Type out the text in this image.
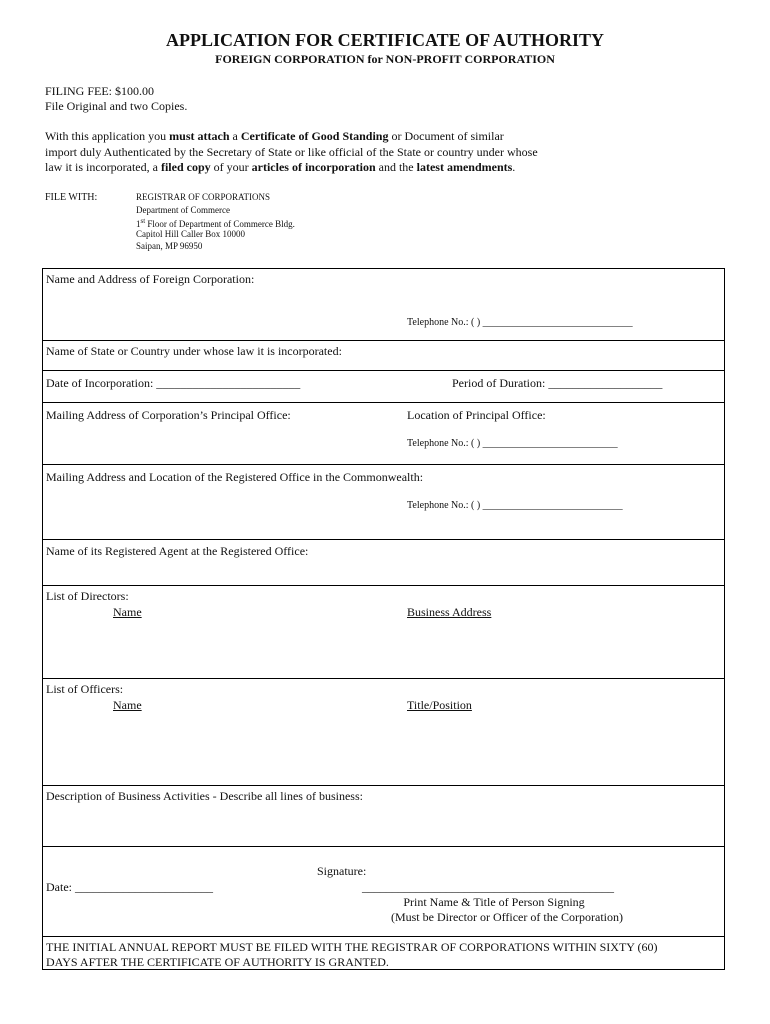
APPLICATION FOR CERTIFICATE OF AUTHORITY
FOREIGN CORPORATION for NON-PROFIT CORPORATION
FILING FEE: $100.00
File Original and two Copies.
With this application you must attach a Certificate of Good Standing or Document of similar
import duly Authenticated by the Secretary of State or like official of the State or country under whose
law it is incorporated, a filed copy of your articles of incorporation and the latest amendments.
FILE WITH:	REGISTRAR OF CORPORATIONS
Department of Commerce
1st Floor of Department of Commerce Bldg.
Capitol Hill Caller Box 10000
Saipan, MP 96950
Name and Address of Foreign Corporation:
Telephone No.: ( ) ______________________________
Name of State or Country under whose law it is incorporated:
Date of Incorporation: ________________________	Period of Duration: ___________________
Mailing Address of Corporation’s Principal Office:	Location of Principal Office:
Telephone No.: ( ) ___________________________
Mailing Address and Location of the Registered Office in the Commonwealth:
Telephone No.: ( ) ____________________________
Name of its Registered Agent at the Registered Office:
List of Directors:
Name	Business Address
List of Officers:
Name	Title/Position
Description of Business Activities - Describe all lines of business:
Signature:
Date: _______________________	__________________________________________
Print Name & Title of Person Signing
(Must be Director or Officer of the Corporation)
THE INITIAL ANNUAL REPORT MUST BE FILED WITH THE REGISTRAR OF CORPORATIONS WITHIN SIXTY (60)
DAYS AFTER THE CERTIFICATE OF AUTHORITY IS GRANTED.
